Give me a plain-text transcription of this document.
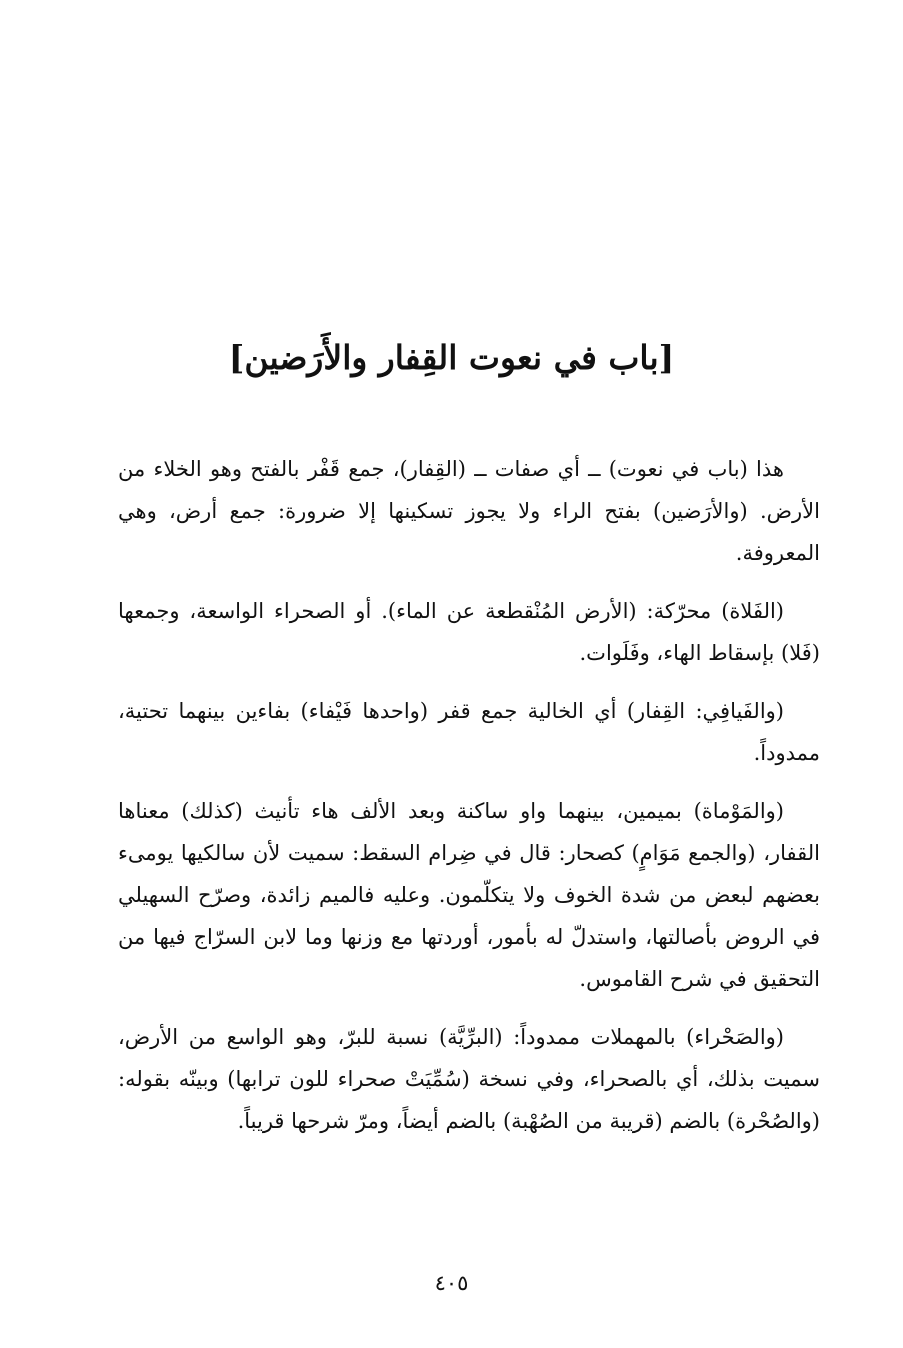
[باب في نعوت القِفار والأَرَضين]

هذا (باب في نعوت) ــ أي صفات ــ (القِفار)، جمع قَفْر بالفتح وهو الخلاء من الأرض. (والأرَضين) بفتح الراء ولا يجوز تسكينها إلا ضرورة: جمع أرض، وهي المعروفة.

(الفَلاة) محرّكة: (الأرض المُنْقطعة عن الماء). أو الصحراء الواسعة، وجمعها (فَلا) بإسقاط الهاء، وفَلَوات.

(والفَيافِي: القِفار) أي الخالية جمع قفر (واحدها فَيْفاء) بفاءين بينهما تحتية، ممدوداً.

(والمَوْماة) بميمين، بينهما واو ساكنة وبعد الألف هاء تأنيث (كذلك) معناها القفار، (والجمع مَوَامٍ) كصحار: قال في ضِرام السقط: سميت لأن سالكيها يومىء بعضهم لبعض من شدة الخوف ولا يتكلّمون. وعليه فالميم زائدة، وصرّح السهيلي في الروض بأصالتها، واستدلّ له بأمور، أوردتها مع وزنها وما لابن السرّاج فيها من التحقيق في شرح القاموس.

(والصَحْراء) بالمهملات ممدوداً: (البرِّيَّة) نسبة للبرّ، وهو الواسع من الأرض، سميت بذلك، أي بالصحراء، وفي نسخة (سُمِّيَتْ صحراء للون ترابها) وبينّه بقوله: (والصُحْرة) بالضم (قريبة من الصُهْبة) بالضم أيضاً، ومرّ شرحها قريباً.

٤٠٥
